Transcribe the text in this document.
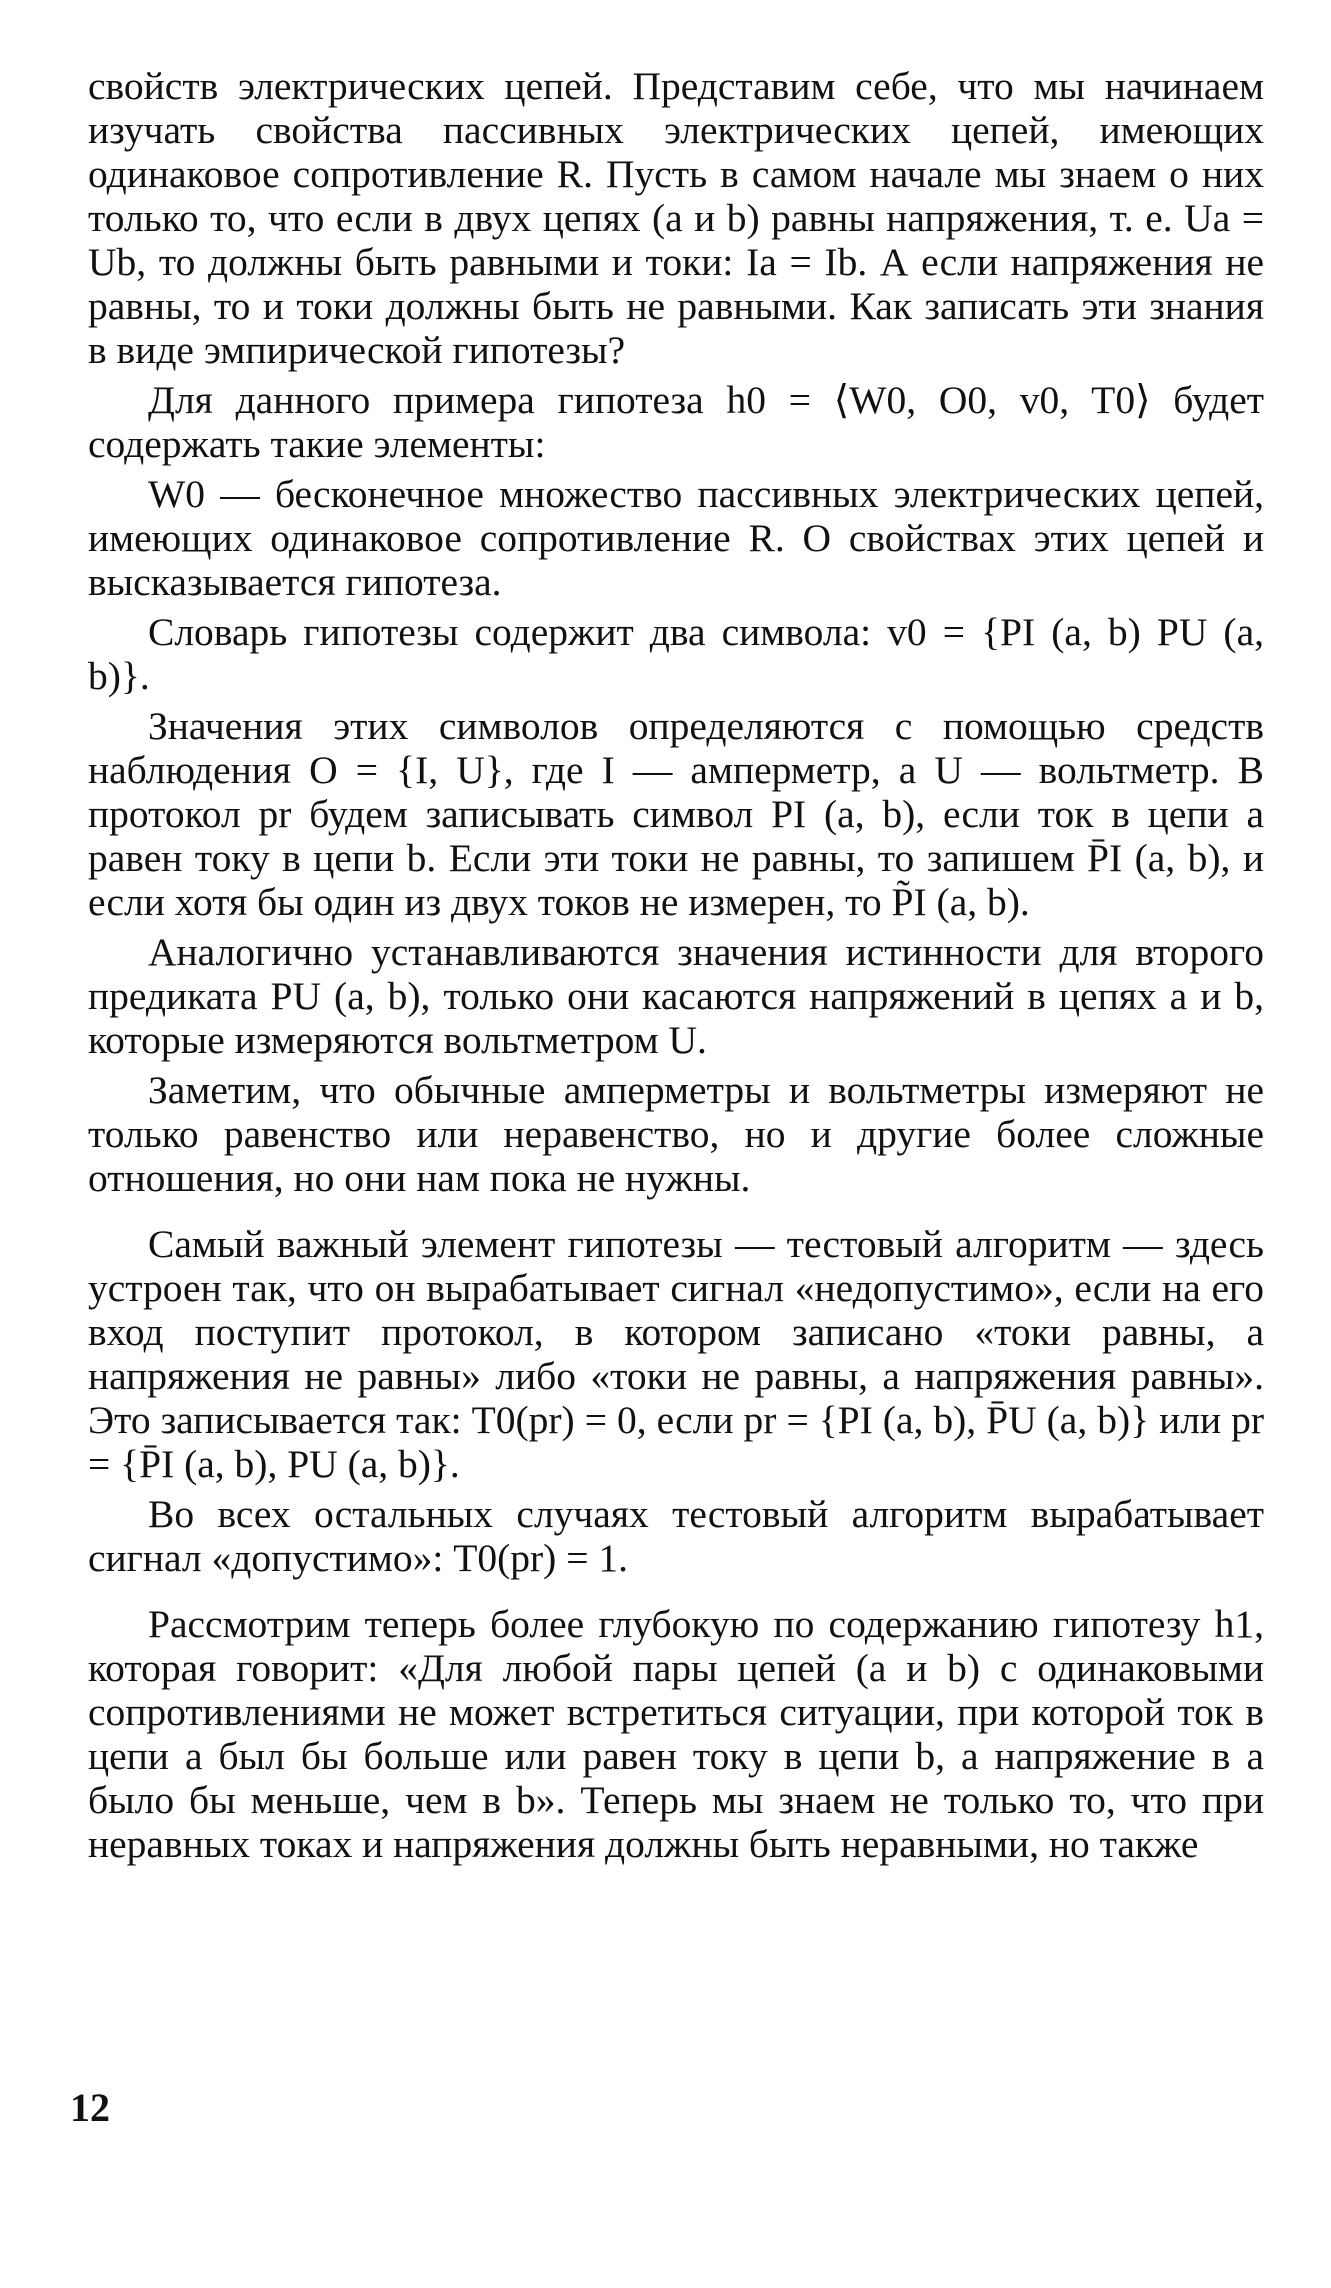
свойств электрических цепей. Представим себе, что мы начинаем изучать свойства пассивных электрических цепей, имеющих одинаковое сопротивление R. Пусть в самом начале мы знаем о них только то, что если в двух цепях (a и b) равны напряжения, т. е. Ua = Ub, то должны быть равными и токи: Ia = Ib. А если напряжения не равны, то и токи должны быть не равными. Как записать эти знания в виде эмпирической гипотезы?

Для данного примера гипотеза h0 = ⟨W0, O0, v0, T0⟩ будет содержать такие элементы:

W0 — бесконечное множество пассивных электрических цепей, имеющих одинаковое сопротивление R. О свойствах этих цепей и высказывается гипотеза.

Словарь гипотезы содержит два символа: v0 = {PI (a, b) PU (a, b)}.

Значения этих символов определяются с помощью средств наблюдения O = {I, U}, где I — амперметр, а U — вольтметр. В протокол pr будем записывать символ PI (a, b), если ток в цепи a равен току в цепи b. Если эти токи не равны, то запишем P̄I (a, b), и если хотя бы один из двух токов не измерен, то P̃I (a, b).

Аналогично устанавливаются значения истинности для второго предиката PU (a, b), только они касаются напряжений в цепях a и b, которые измеряются вольтметром U.

Заметим, что обычные амперметры и вольтметры измеряют не только равенство или неравенство, но и другие более сложные отношения, но они нам пока не нужны.

Самый важный элемент гипотезы — тестовый алгоритм — здесь устроен так, что он вырабатывает сигнал «недопустимо», если на его вход поступит протокол, в котором записано «токи равны, а напряжения не равны» либо «токи не равны, а напряжения равны». Это записывается так: T0(pr) = 0, если pr = {PI (a, b), P̄U (a, b)} или pr = {P̄I (a, b), PU (a, b)}.

Во всех остальных случаях тестовый алгоритм вырабатывает сигнал «допустимо»: T0(pr) = 1.

Рассмотрим теперь более глубокую по содержанию гипотезу h1, которая говорит: «Для любой пары цепей (a и b) с одинаковыми сопротивлениями не может встретиться ситуации, при которой ток в цепи a был бы больше или равен току в цепи b, а напряжение в a было бы меньше, чем в b». Теперь мы знаем не только то, что при неравных токах и напряжения должны быть неравными, но также

12
